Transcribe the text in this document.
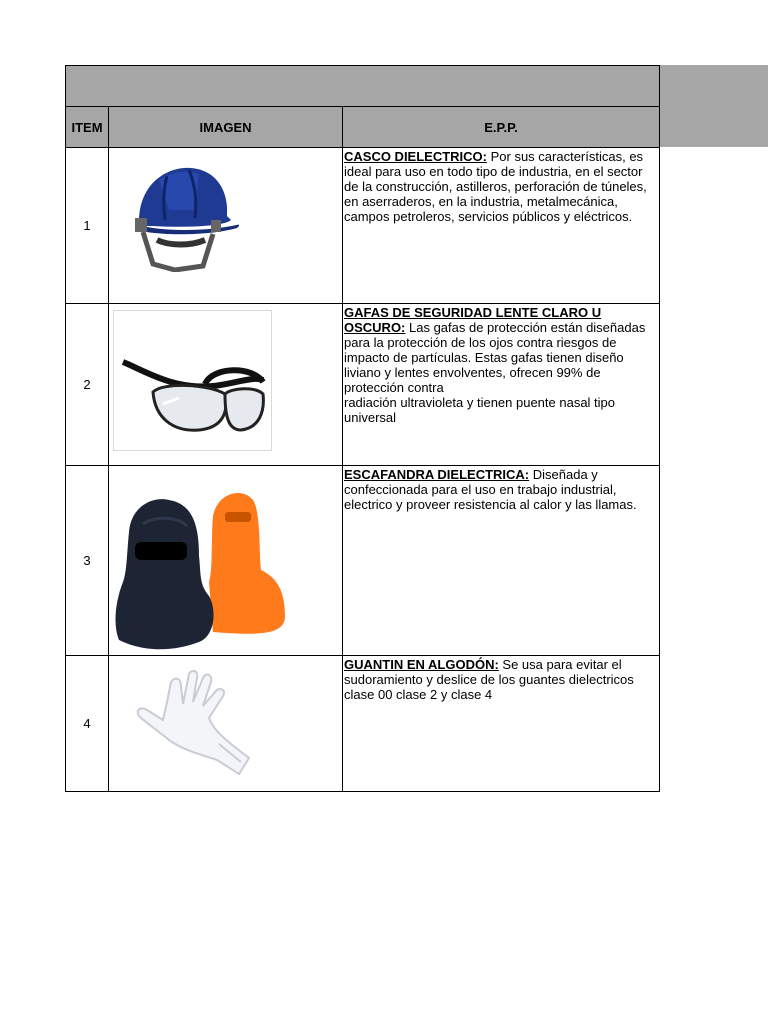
ITEM	IMAGEN	E.P.P.
1		CASCO DIELECTRICO: Por sus características, es ideal para uso en todo tipo de industria, en el sector
de la construcción, astilleros, perforación de túneles, en aserraderos, en la industria, metalmecánica, campos petroleros, servicios públicos y eléctricos.
2		GAFAS DE SEGURIDAD LENTE CLARO U OSCURO: Las gafas de protección están diseñadas para la protección de los ojos contra riesgos de
impacto de partículas. Estas gafas tienen diseño liviano y lentes envolventes, ofrecen 99% de protección contra
radiación ultravioleta y tienen puente nasal tipo universal
3		ESCAFANDRA DIELECTRICA: Diseñada y confeccionada para el uso en trabajo industrial, electrico y proveer resistencia al calor y las llamas.
4		GUANTIN EN ALGODÓN: Se usa para evitar el sudoramiento y deslice de los guantes dielectricos clase 00 clase 2 y clase 4
